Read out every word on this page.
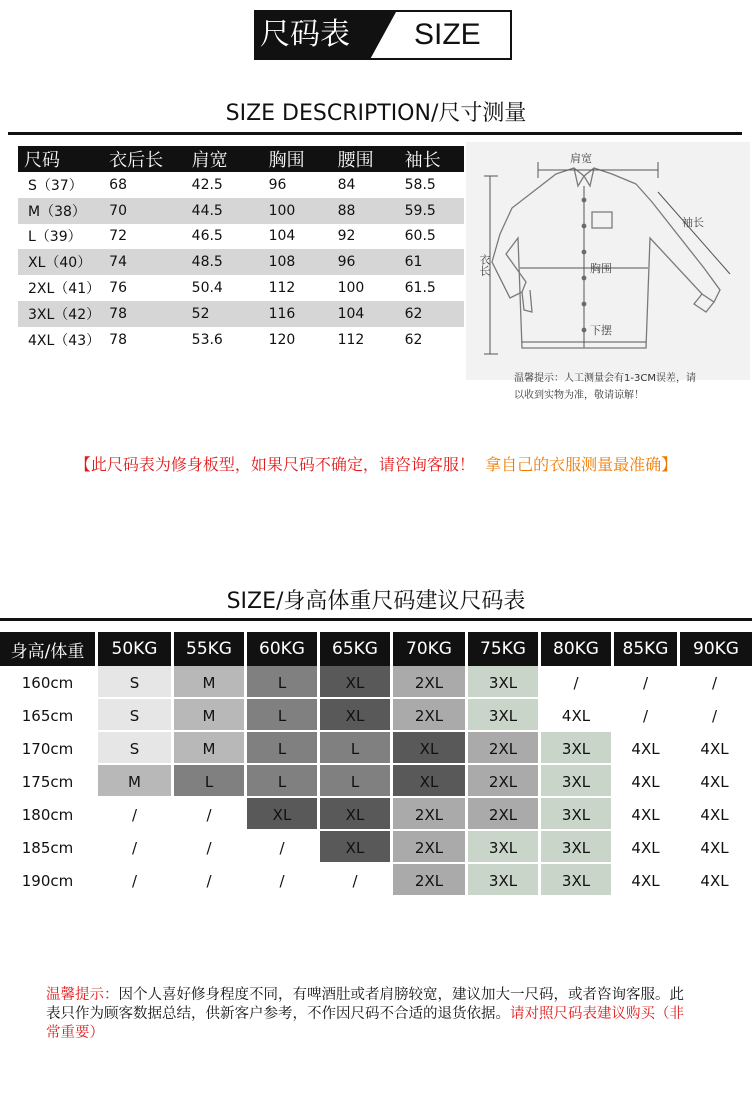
尺码表 SIZE
SIZE DESCRIPTION/尺寸测量
尺码	衣后长	肩宽	胸围	腰围	袖长
S（37）	68	42.5	96	84	58.5
M（38）	70	44.5	100	88	59.5
L（39）	72	46.5	104	92	60.5
XL（40）	74	48.5	108	96	61
2XL（41）	76	50.4	112	100	61.5
3XL（42）	78	52	116	104	62
4XL（43）	78	53.6	120	112	62
肩宽
袖长
胸围
衣长
下摆
温馨提示：人工测量会有1-3CM误差，请
以收到实物为准，敬请谅解！
【此尺码表为修身板型，如果尺码不确定，请咨询客服！ 拿自己的衣服测量最准确】
SIZE/身高体重尺码建议尺码表
身高/体重	50KG	55KG	60KG	65KG	70KG	75KG	80KG	85KG	90KG
160cm	S	M	L	XL	2XL	3XL	/	/	/
165cm	S	M	L	XL	2XL	3XL	4XL	/	/
170cm	S	M	L	L	XL	2XL	3XL	4XL	4XL
175cm	M	L	L	L	XL	2XL	3XL	4XL	4XL
180cm	/	/	XL	XL	2XL	2XL	3XL	4XL	4XL
185cm	/	/	/	XL	2XL	3XL	3XL	4XL	4XL
190cm	/	/	/	/	2XL	3XL	3XL	4XL	4XL
温馨提示：因个人喜好修身程度不同，有啤酒肚或者肩膀较宽，建议加大一尺码，或者咨询客服。此表只作为顾客数据总结，供新客户参考，不作因尺码不合适的退货依据。请对照尺码表建议购买（非常重要）
